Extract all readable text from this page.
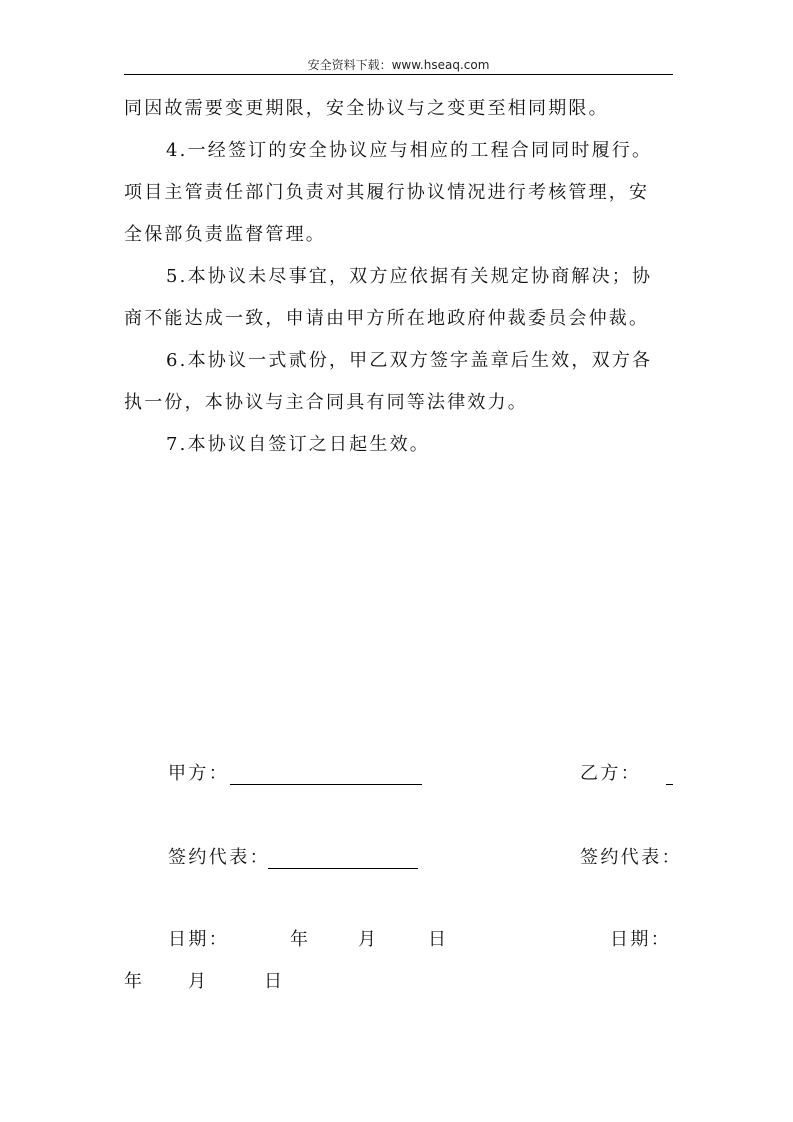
安全资料下载：www.hseaq.com
同因故需要变更期限，安全协议与之变更至相同期限。
4.一经签订的安全协议应与相应的工程合同同时履行。
项目主管责任部门负责对其履行协议情况进行考核管理，安
全保部负责监督管理。
5.本协议未尽事宜，双方应依据有关规定协商解决；协
商不能达成一致，申请由甲方所在地政府仲裁委员会仲裁。
6.本协议一式贰份，甲乙双方签字盖章后生效，双方各
执一份，本协议与主合同具有同等法律效力。
7.本协议自签订之日起生效。
甲方：	乙方：
签约代表：	签约代表：
日期：	年	月	日	日期：
年	月	日
